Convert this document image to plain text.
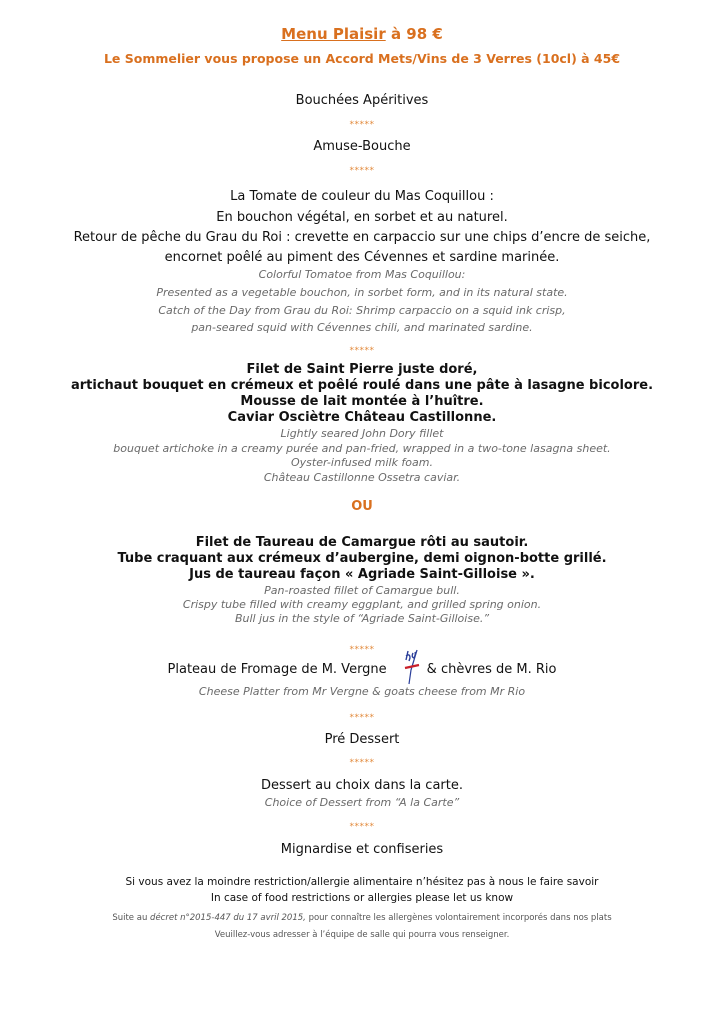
Menu Plaisir à 98 €
Le Sommelier vous propose un Accord Mets/Vins de 3 Verres (10cl) à 45€
Bouchées Apéritives
*****
Amuse-Bouche
*****
La Tomate de couleur du Mas Coquillou :
En bouchon végétal, en sorbet et au naturel.
Retour de pêche du Grau du Roi : crevette en carpaccio sur une chips d’encre de seiche,
encornet poêlé au piment des Cévennes et sardine marinée.
Colorful Tomatoe from Mas Coquillou:
Presented as a vegetable bouchon, in sorbet form, and in its natural state.
Catch of the Day from Grau du Roi: Shrimp carpaccio on a squid ink crisp,
pan-seared squid with Cévennes chili, and marinated sardine.
*****
Filet de Saint Pierre juste doré,
artichaut bouquet en crémeux et poêlé roulé dans une pâte à lasagne bicolore.
Mousse de lait montée à l’huître.
Caviar Osciètre Château Castillonne.
Lightly seared John Dory fillet
bouquet artichoke in a creamy purée and pan-fried, wrapped in a two-tone lasagna sheet.
Oyster-infused milk foam.
Château Castillonne Ossetra caviar.
OU
Filet de Taureau de Camargue rôti au sautoir.
Tube craquant aux crémeux d’aubergine, demi oignon-botte grillé.
Jus de taureau façon « Agriade Saint-Gilloise ».
Pan-roasted fillet of Camargue bull.
Crispy tube filled with creamy eggplant, and grilled spring onion.
Bull jus in the style of “Agriade Saint-Gilloise.”
*****
Plateau de Fromage de M. Vergne	& chèvres de M. Rio
Cheese Platter from Mr Vergne & goats cheese from Mr Rio
*****
Pré Dessert
*****
Dessert au choix dans la carte.
Choice of Dessert from “A la Carte”
*****
Mignardise et confiseries
Si vous avez la moindre restriction/allergie alimentaire n’hésitez pas à nous le faire savoir
In case of food restrictions or allergies please let us know
Suite au décret n°2015-447 du 17 avril 2015, pour connaître les allergènes volontairement incorporés dans nos plats
Veuillez-vous adresser à l’équipe de salle qui pourra vous renseigner.
